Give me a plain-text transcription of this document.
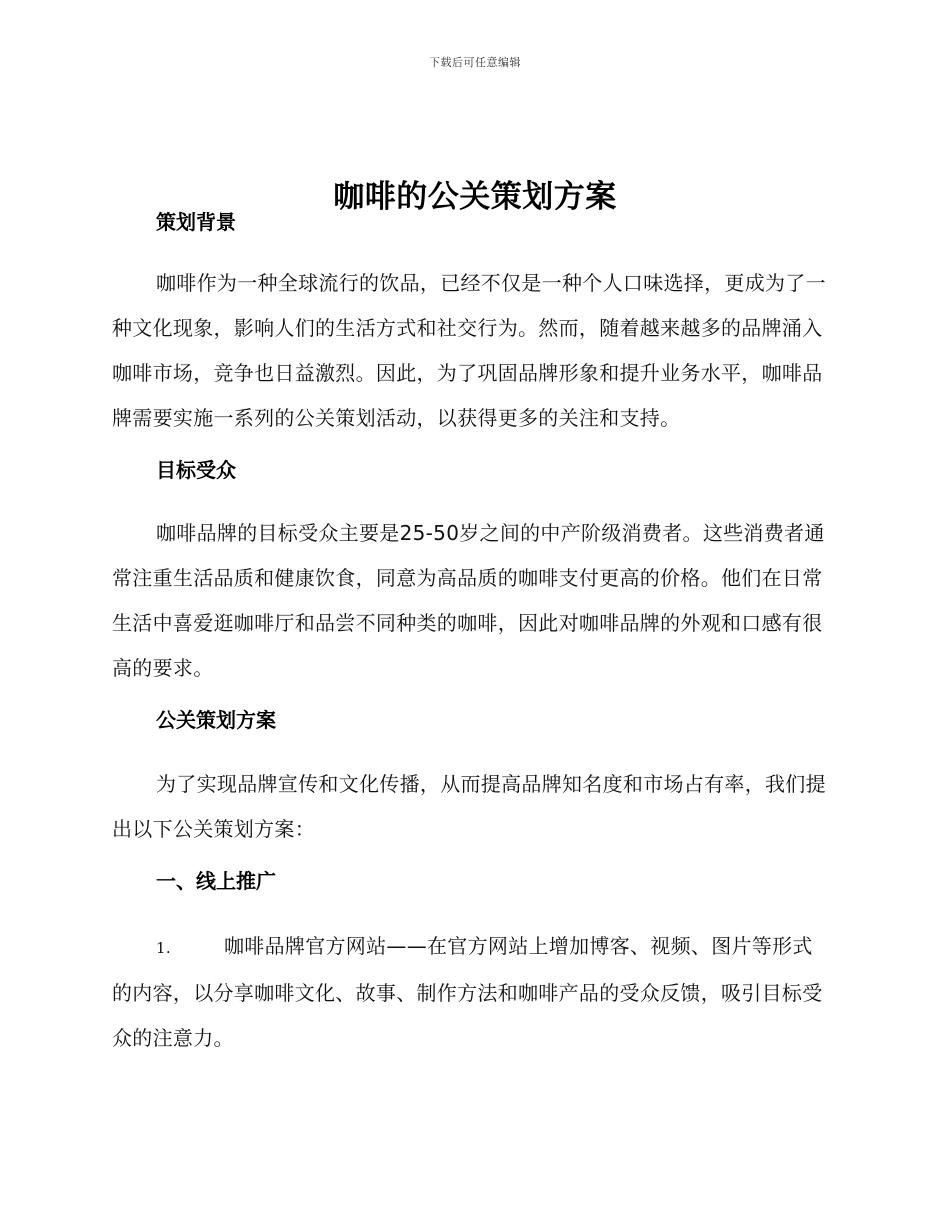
下载后可任意编辑
咖啡的公关策划方案
策划背景

咖啡作为一种全球流行的饮品，已经不仅是一种个人口味选择，更成为了一种文化现象，影响人们的生活方式和社交行为。然而，随着越来越多的品牌涌入咖啡市场，竞争也日益激烈。因此，为了巩固品牌形象和提升业务水平，咖啡品牌需要实施一系列的公关策划活动，以获得更多的关注和支持。

目标受众

咖啡品牌的目标受众主要是25-50岁之间的中产阶级消费者。这些消费者通常注重生活品质和健康饮食，同意为高品质的咖啡支付更高的价格。他们在日常生活中喜爱逛咖啡厅和品尝不同种类的咖啡，因此对咖啡品牌的外观和口感有很高的要求。

公关策划方案

为了实现品牌宣传和文化传播，从而提高品牌知名度和市场占有率，我们提出以下公关策划方案：

一、线上推广

1.	咖啡品牌官方网站——在官方网站上增加博客、视频、图片等形式的内容，以分享咖啡文化、故事、制作方法和咖啡产品的受众反馈，吸引目标受众的注意力。
